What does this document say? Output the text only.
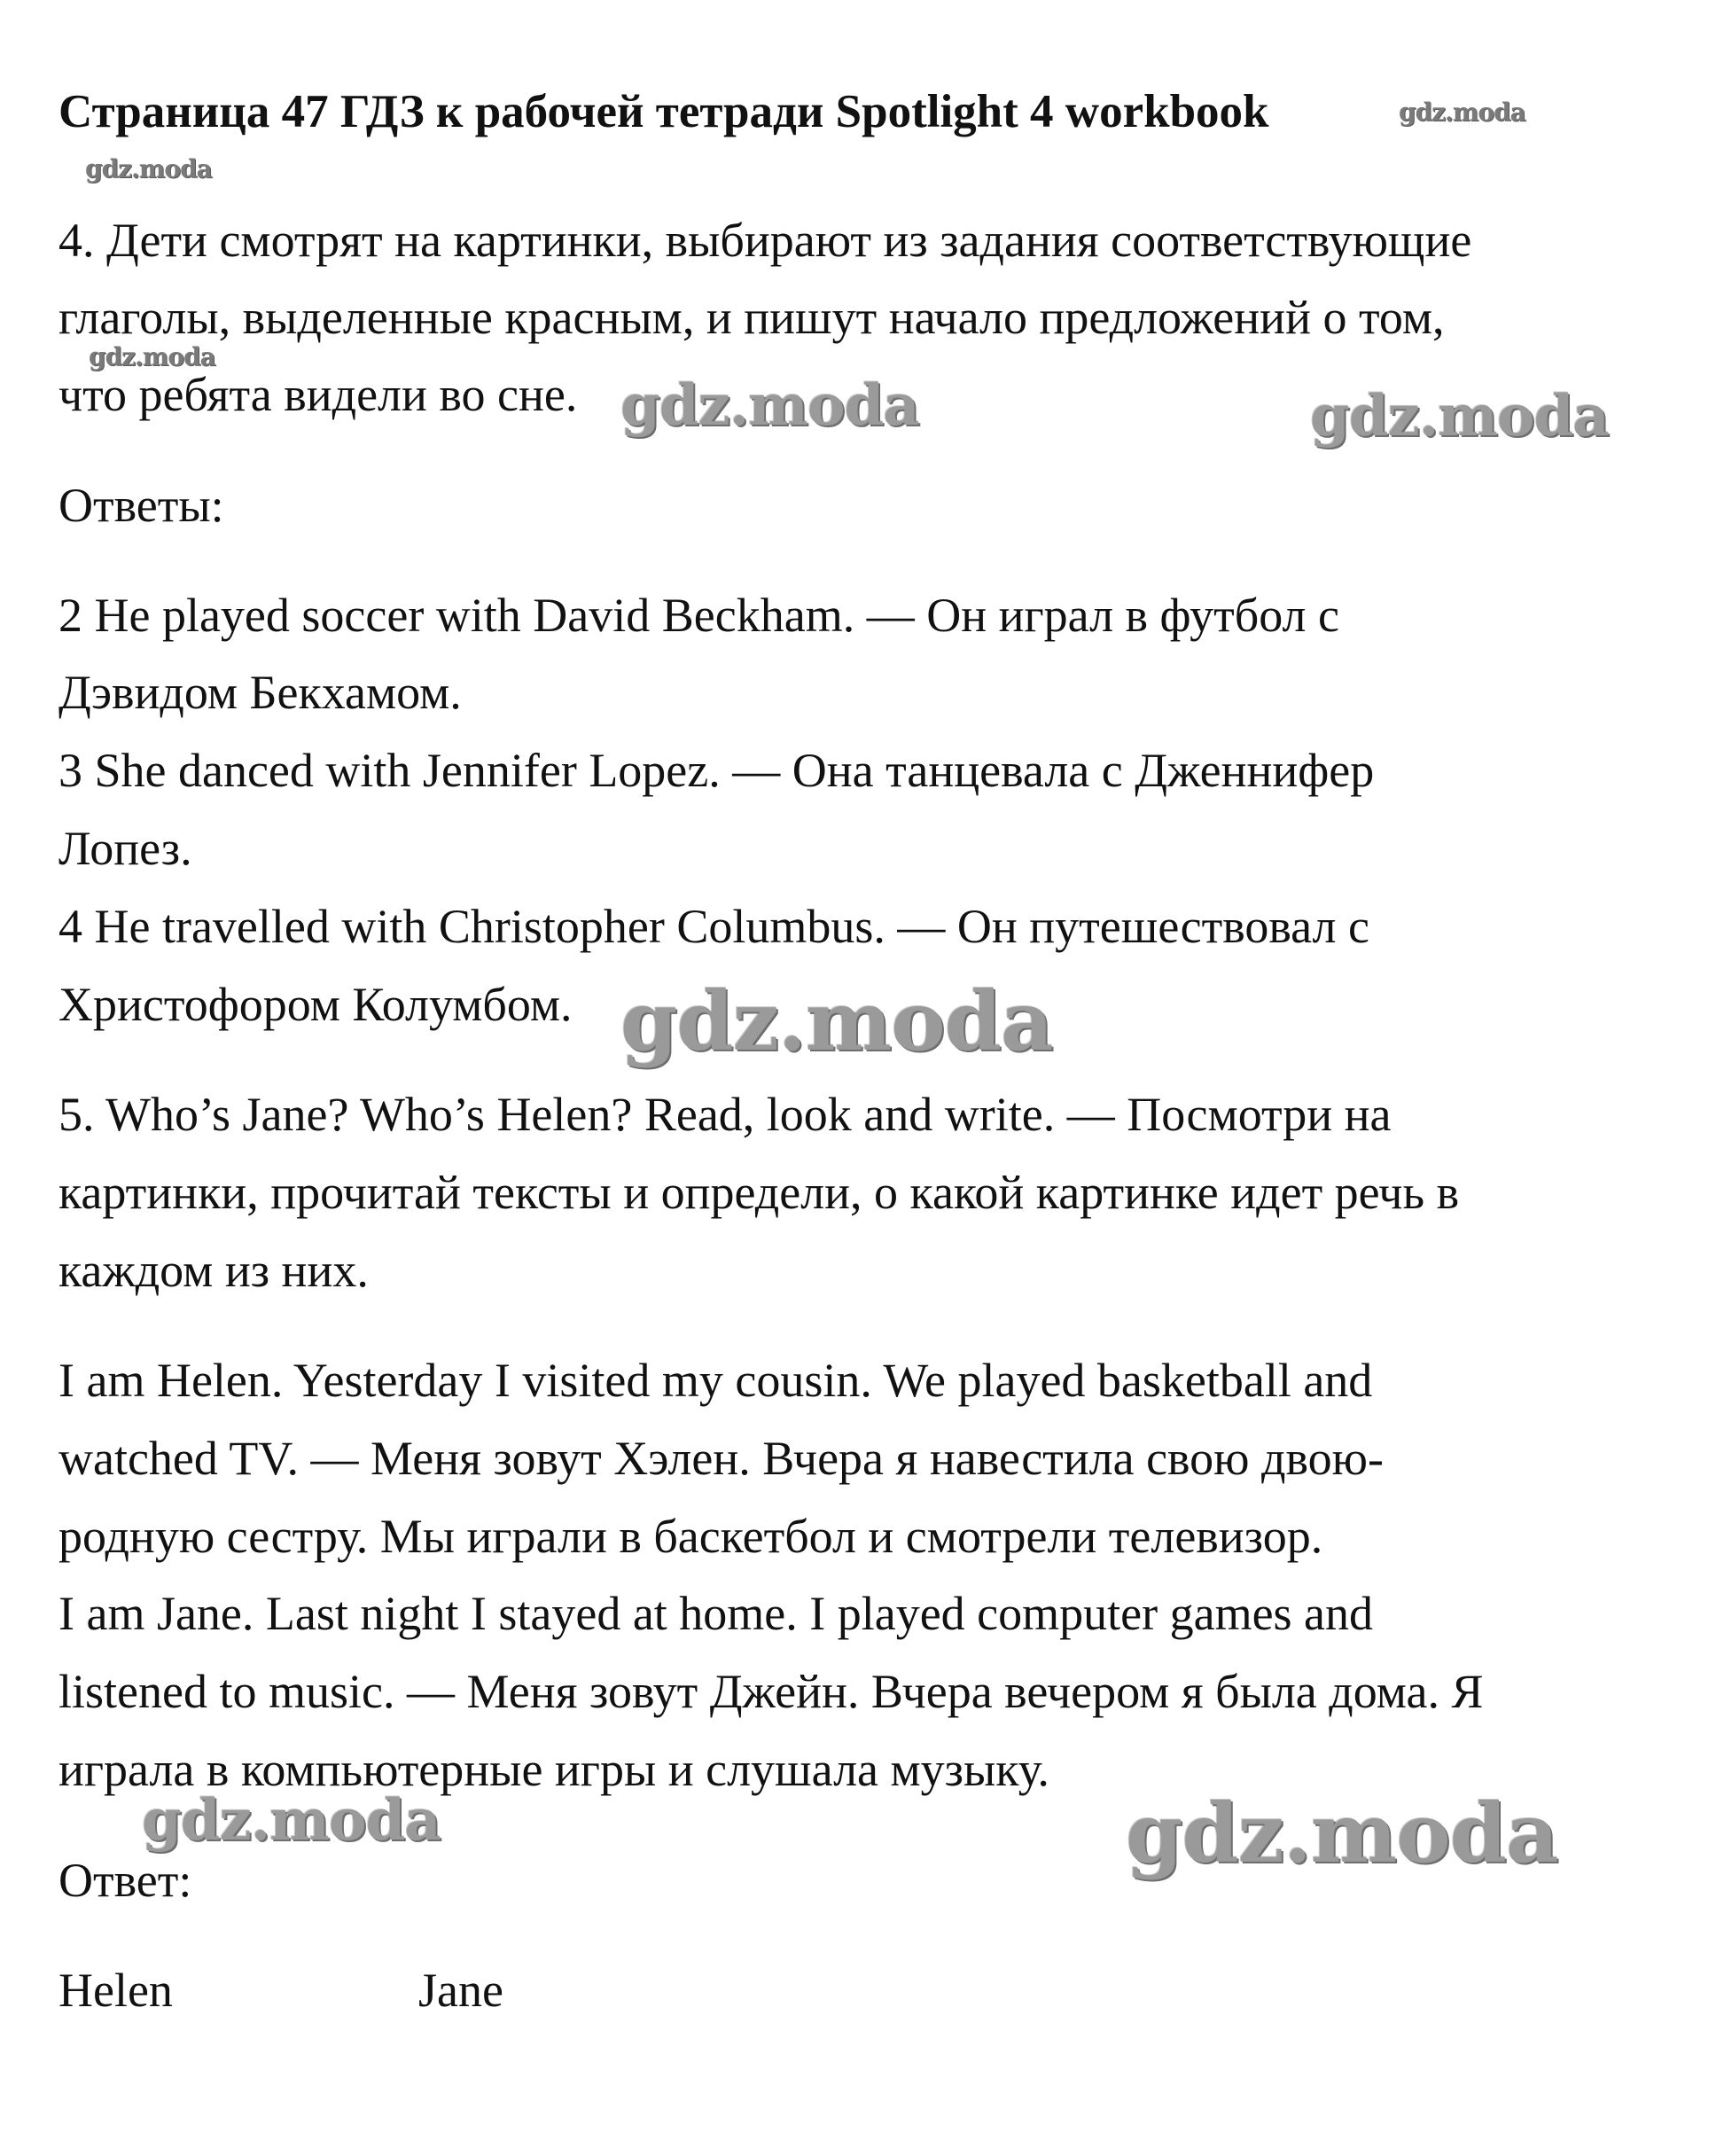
Страница 47 ГДЗ к рабочей тетради Spotlight 4 workbook	gdz.moda
gdz.moda
4. Дети смотрят на картинки, выбирают из задания соответствующие
глаголы, выделенные красным, и пишут начало предложений о том,
gdz.moda
что ребята видели во сне. gdz.moda	gdz.moda
Ответы:
2 He played soccer with David Beckham. — Он играл в футбол с
Дэвидом Бекхамом.
3 She danced with Jennifer Lopez. — Она танцевала с Дженнифер
Лопез.
4 He travelled with Christopher Columbus. — Он путешествовал с
Христофором Колумбом. gdz.moda
5. Who’s Jane? Who’s Helen? Read, look and write. — Посмотри на
картинки, прочитай тексты и определи, о какой картинке идет речь в
каждом из них.
I am Helen. Yesterday I visited my cousin. We played basketball and
watched TV. — Меня зовут Хэлен. Вчера я навестила свою двою-
родную сестру. Мы играли в баскетбол и смотрели телевизор.
I am Jane. Last night I stayed at home. I played computer games and
listened to music. — Меня зовут Джейн. Вчера вечером я была дома. Я
играла в компьютерные игры и слушала музыку.
gdz.moda	gdz.moda
Ответ:
Helen	Jane
